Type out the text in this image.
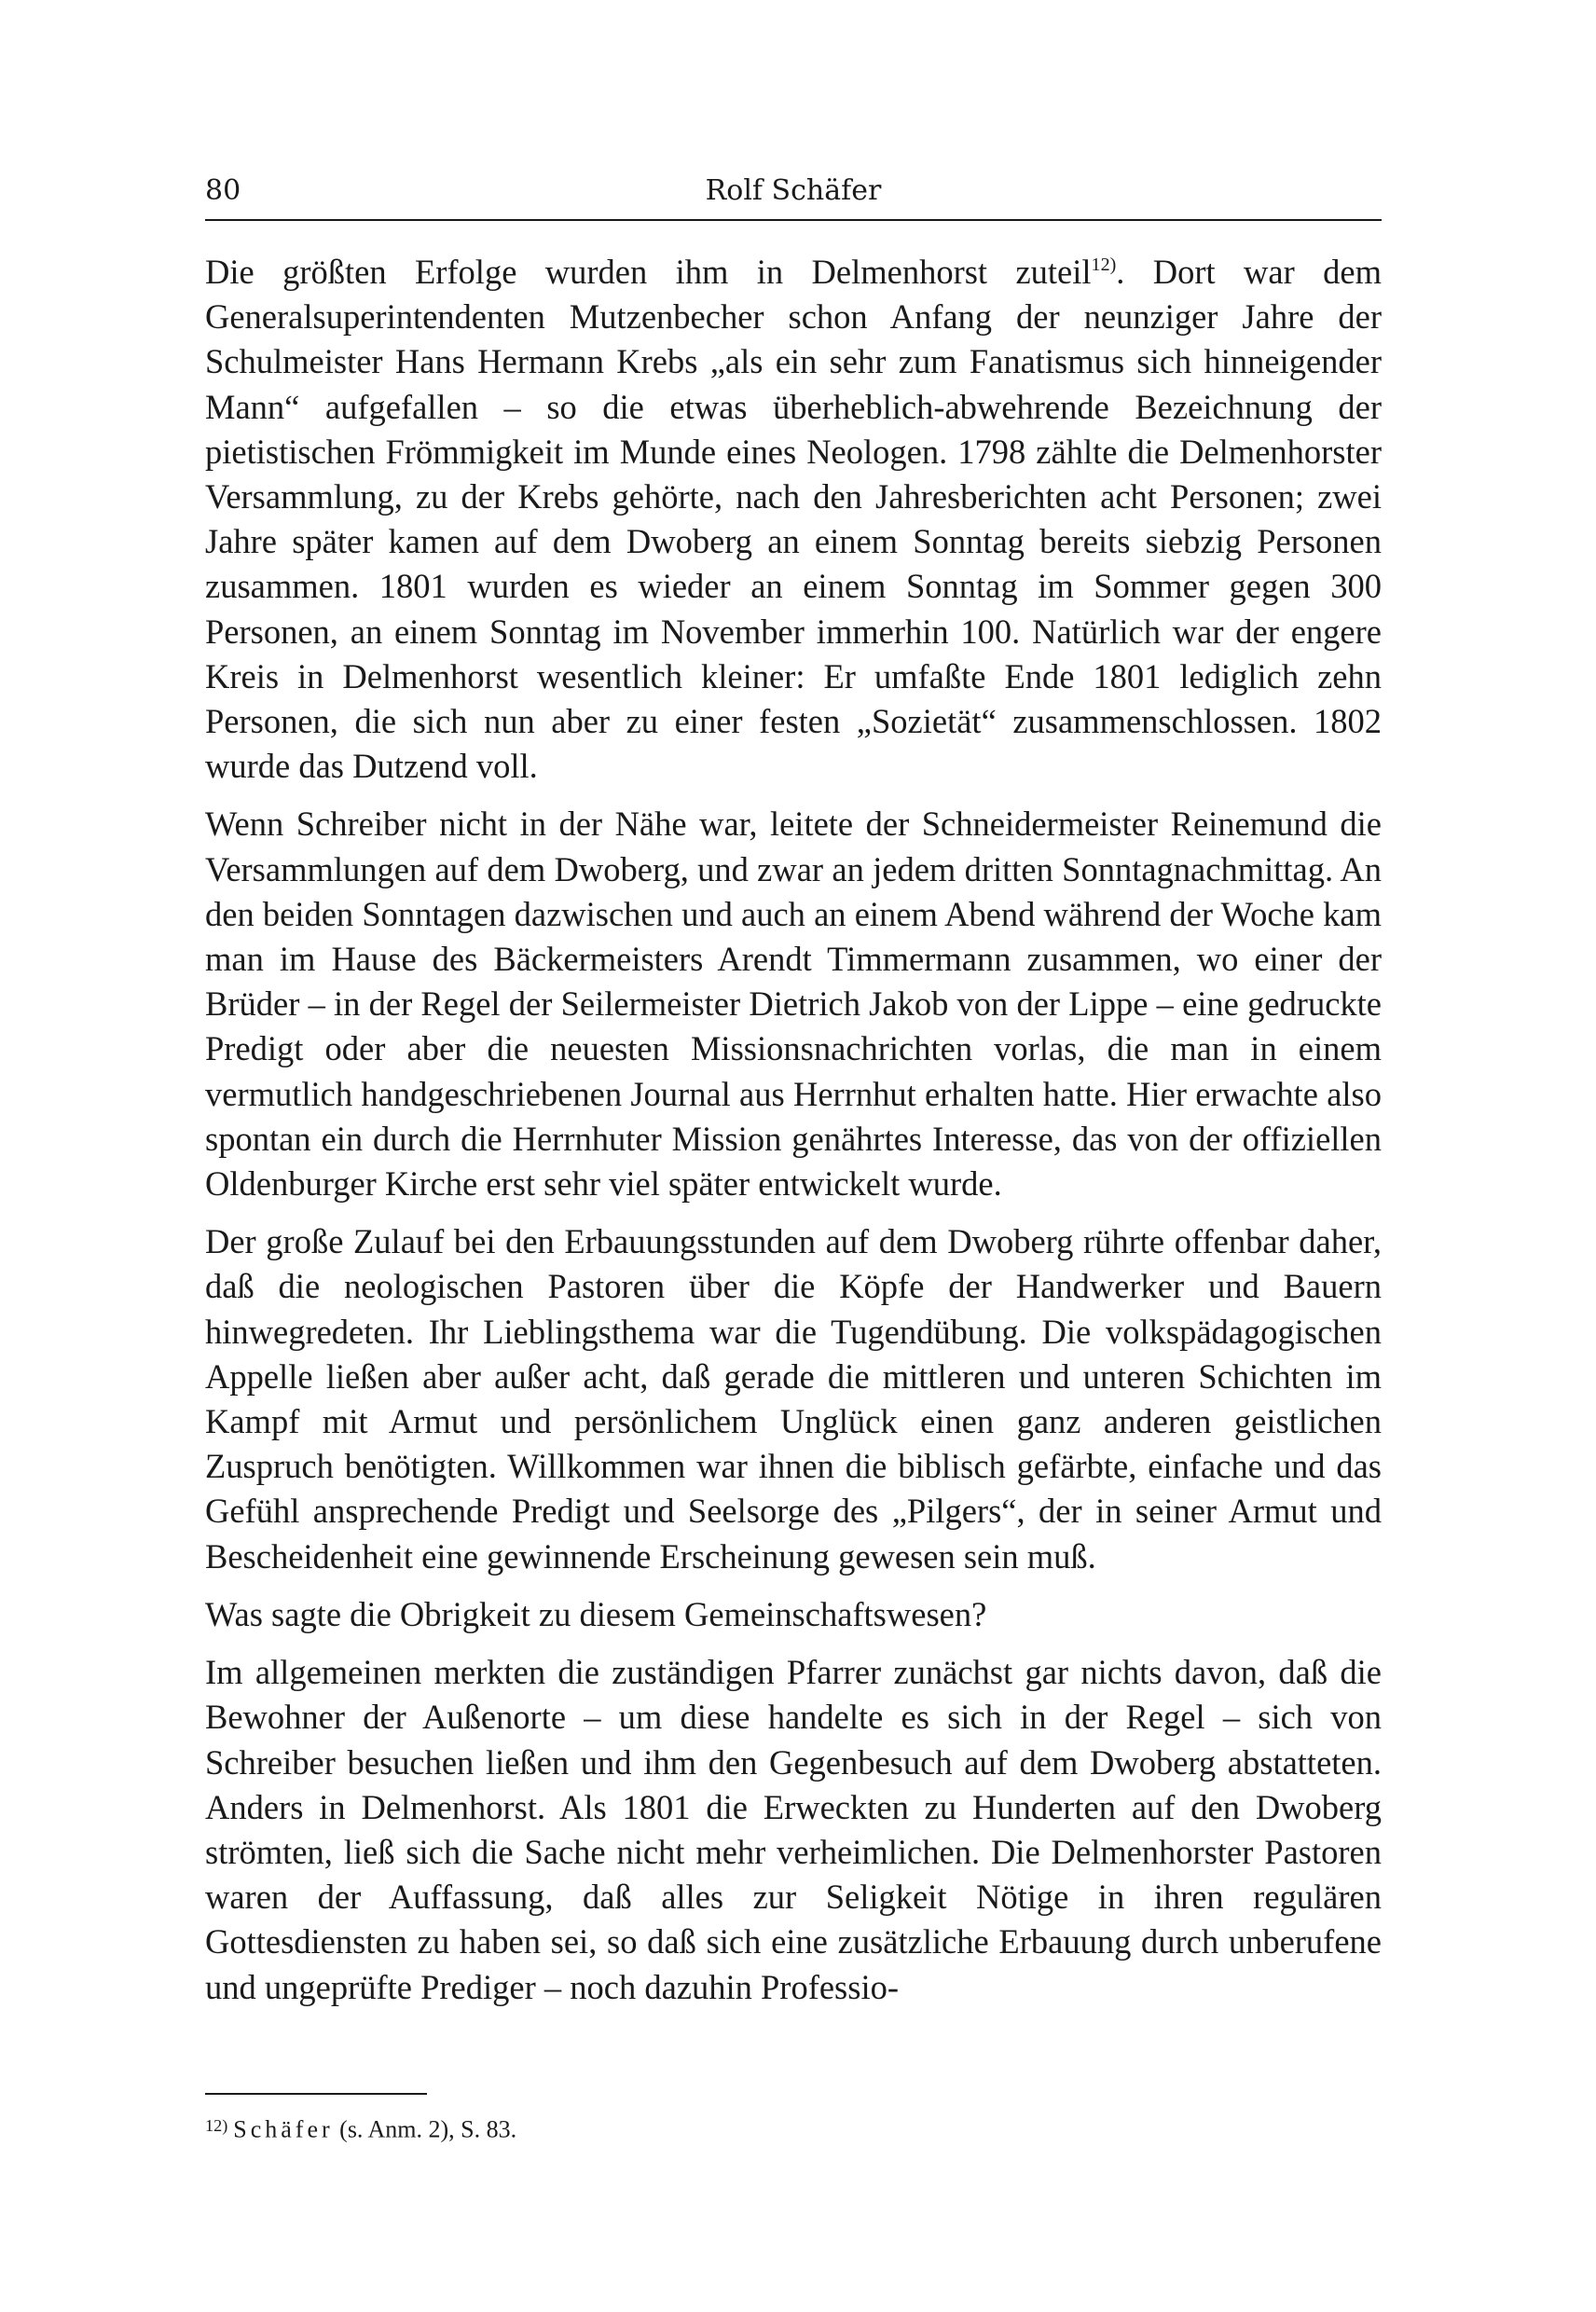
80	Rolf Schäfer

Die größten Erfolge wurden ihm in Delmenhorst zuteil$^{12)}$. Dort war dem Generalsuperintendenten Mutzenbecher schon Anfang der neunziger Jahre der Schulmeister Hans Hermann Krebs „als ein sehr zum Fanatismus sich hinneigender Mann“ aufgefallen – so die etwas überheblich-abwehrende Bezeichnung der pietistischen Frömmigkeit im Munde eines Neologen. 1798 zählte die Delmenhorster Versammlung, zu der Krebs gehörte, nach den Jahresberichten acht Personen; zwei Jahre später kamen auf dem Dwoberg an einem Sonntag bereits siebzig Personen zusammen. 1801 wurden es wieder an einem Sonntag im Sommer gegen 300 Personen, an einem Sonntag im November immerhin 100. Natürlich war der engere Kreis in Delmenhorst wesentlich kleiner: Er umfaßte Ende 1801 lediglich zehn Personen, die sich nun aber zu einer festen „Sozietät“ zusammenschlossen. 1802 wurde das Dutzend voll.

Wenn Schreiber nicht in der Nähe war, leitete der Schneidermeister Reinemund die Versammlungen auf dem Dwoberg, und zwar an jedem dritten Sonntagnachmittag. An den beiden Sonntagen dazwischen und auch an einem Abend während der Woche kam man im Hause des Bäckermeisters Arendt Timmermann zusammen, wo einer der Brüder – in der Regel der Seilermeister Dietrich Jakob von der Lippe – eine gedruckte Predigt oder aber die neuesten Missionsnachrichten vorlas, die man in einem vermutlich handgeschriebenen Journal aus Herrnhut erhalten hatte. Hier erwachte also spontan ein durch die Herrnhuter Mission genährtes Interesse, das von der offiziellen Oldenburger Kirche erst sehr viel später entwickelt wurde.

Der große Zulauf bei den Erbauungsstunden auf dem Dwoberg rührte offenbar daher, daß die neologischen Pastoren über die Köpfe der Handwerker und Bauern hinwegredeten. Ihr Lieblingsthema war die Tugendübung. Die volkspädagogischen Appelle ließen aber außer acht, daß gerade die mittleren und unteren Schichten im Kampf mit Armut und persönlichem Unglück einen ganz anderen geistlichen Zuspruch benötigten. Willkommen war ihnen die biblisch gefärbte, einfache und das Gefühl ansprechende Predigt und Seelsorge des „Pilgers“, der in seiner Armut und Bescheidenheit eine gewinnende Erscheinung gewesen sein muß.

Was sagte die Obrigkeit zu diesem Gemeinschaftswesen?

Im allgemeinen merkten die zuständigen Pfarrer zunächst gar nichts davon, daß die Bewohner der Außenorte – um diese handelte es sich in der Regel – sich von Schreiber besuchen ließen und ihm den Gegenbesuch auf dem Dwoberg abstatteten. Anders in Delmenhorst. Als 1801 die Erweckten zu Hunderten auf den Dwoberg strömten, ließ sich die Sache nicht mehr verheimlichen. Die Delmenhorster Pastoren waren der Auffassung, daß alles zur Seligkeit Nötige in ihren regulären Gottesdiensten zu haben sei, so daß sich eine zusätzliche Erbauung durch unberufene und ungeprüfte Prediger – noch dazuhin Professio-

$^{12)}$ Schäfer (s. Anm. 2), S. 83.
